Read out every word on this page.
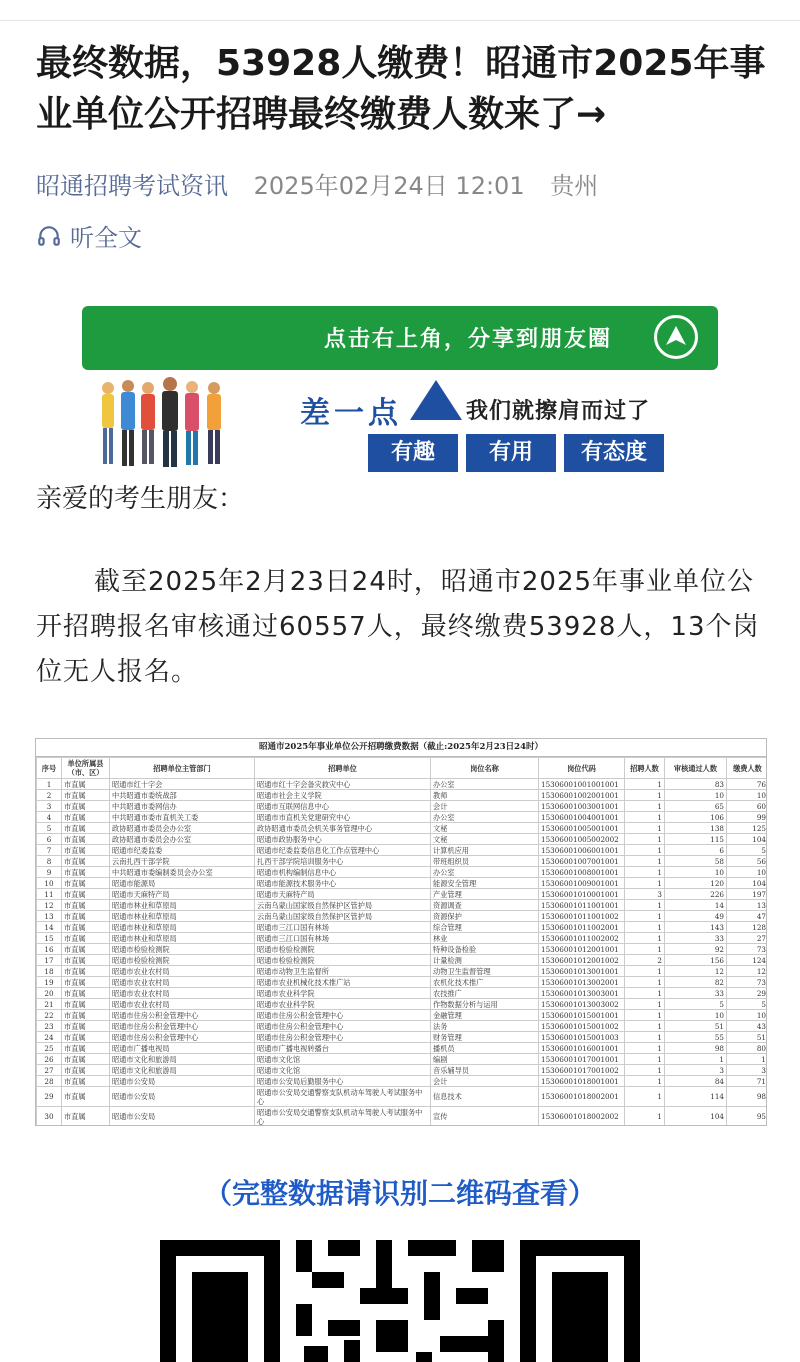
最终数据，53928人缴费！昭通市2025年事业单位公开招聘最终缴费人数来了→
昭通招聘考试资讯 2025年02月24日 12:01 贵州
听全文
点击右上角，分享到朋友圈
差一点	我们就擦肩而过了
有趣	有用	有态度
亲爱的考生朋友：

截至2025年2月23日24时，昭通市2025年事业单位公开招聘报名审核通过60557人，最终缴费53928人，13个岗位无人报名。

昭通市2025年事业单位公开招聘缴费数据（截止:2025年2月23日24时）
序号	单位所属县（市、区）	招聘单位主管部门	招聘单位	岗位名称	岗位代码	招聘人数	审核通过人数	缴费人数
1	市直属	昭通市红十字会	昭通市红十字会备灾救灾中心	办公室	15306001001001001	1	83	76
2	市直属	中共昭通市委统战部	昭通市社会主义学院	教师	15306001002001001	1	10	10
3	市直属	中共昭通市委网信办	昭通市互联网信息中心	会计	15306001003001001	1	65	60
4	市直属	中共昭通市委市直机关工委	昭通市市直机关党建研究中心	办公室	15306001004001001	1	106	99
5	市直属	政协昭通市委员会办公室	政协昭通市委员会机关事务管理中心	文秘	15306001005001001	1	138	125
6	市直属	政协昭通市委员会办公室	昭通市政协服务中心	文秘	15306001005002002	1	115	104
7	市直属	昭通市纪委监委	昭通市纪委监委信息化工作点管理中心	计算机应用	15306001006001001	1	6	5
8	市直属	云南扎西干部学院	扎西干部学院培训服务中心	带班组织员	15306001007001001	1	58	56
9	市直属	中共昭通市委编制委员会办公室	昭通市机构编制信息中心	办公室	15306001008001001	1	10	10
10	市直属	昭通市能源局	昭通市能源技术服务中心	能源安全管理	15306001009001001	1	120	104
11	市直属	昭通市天麻特产局	昭通市天麻特产局	产业管理	15306001010001001	3	226	197
12	市直属	昭通市林业和草原局	云南乌蒙山国家级自然保护区管护局	资源调查	15306001011001001	1	14	13
13	市直属	昭通市林业和草原局	云南乌蒙山国家级自然保护区管护局	资源保护	15306001011001002	1	49	47
14	市直属	昭通市林业和草原局	昭通市三江口国有林场	综合管理	15306001011002001	1	143	128
15	市直属	昭通市林业和草原局	昭通市三江口国有林场	林业	15306001011002002	1	33	27
16	市直属	昭通市检验检测院	昭通市检验检测院	特种设备检验	15306001012001001	1	92	73
17	市直属	昭通市检验检测院	昭通市检验检测院	计量检测	15306001012001002	2	156	124
18	市直属	昭通市农业农村局	昭通市动物卫生监督所	动物卫生监督管理	15306001013001001	1	12	12
19	市直属	昭通市农业农村局	昭通市农业机械化技术推广站	农机化技术推广	15306001013002001	1	82	73
20	市直属	昭通市农业农村局	昭通市农业科学院	农技推广	15306001013003001	1	33	29
21	市直属	昭通市农业农村局	昭通市农业科学院	作物数据分析与运用	15306001013003002	1	5	5
22	市直属	昭通市住房公积金管理中心	昭通市住房公积金管理中心	金融管理	15306001015001001	1	10	10
23	市直属	昭通市住房公积金管理中心	昭通市住房公积金管理中心	法务	15306001015001002	1	51	43
24	市直属	昭通市住房公积金管理中心	昭通市住房公积金管理中心	财务管理	15306001015001003	1	55	51
25	市直属	昭通市广播电视局	昭通市广播电视转播台	播机员	15306001016001001	1	98	80
26	市直属	昭通市文化和旅游局	昭通市文化馆	编剧	15306001017001001	1	1	1
27	市直属	昭通市文化和旅游局	昭通市文化馆	音乐辅导员	15306001017001002	1	3	3
28	市直属	昭通市公安局	昭通市公安局后勤服务中心	会计	15306001018001001	1	84	71
29	市直属	昭通市公安局	昭通市公安局交通警察支队机动车驾驶人考试服务中心	信息技术	15306001018002001	1	114	98
30	市直属	昭通市公安局	昭通市公安局交通警察支队机动车驾驶人考试服务中心	宣传	15306001018002002	1	104	95
（完整数据请识别二维码查看）
